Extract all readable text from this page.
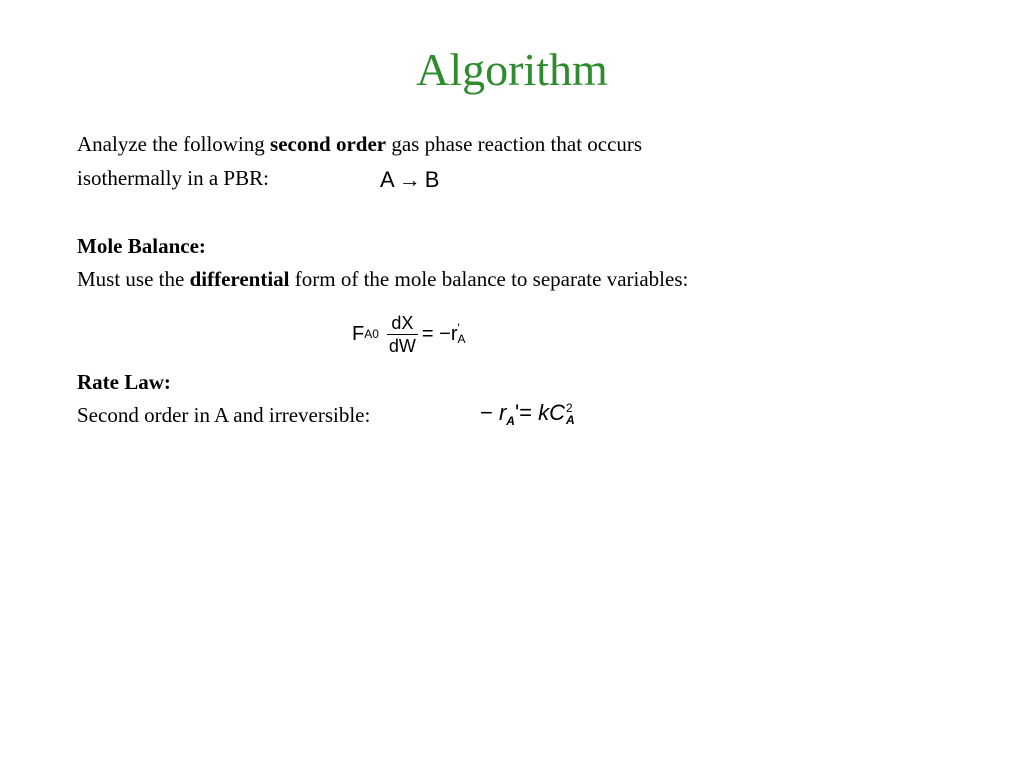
Algorithm
Analyze the following second order gas phase reaction that occurs
isothermally in a PBR:	A → B
Mole Balance:
Must use the differential form of the mole balance to separate variables:
F $A0 \frac{dX}{dW} = -r$ '
A
Rate Law:
Second order in A and irreversible:	− $r_A'=$ kC 2
A
